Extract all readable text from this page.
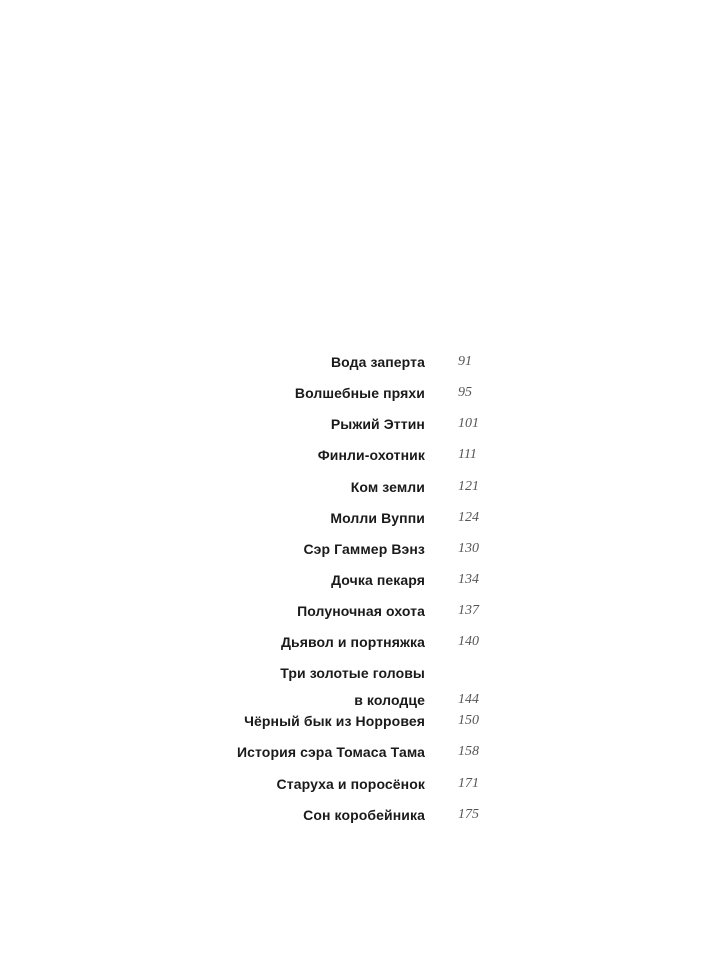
Вода заперта 91
Волшебные пряхи 95
Рыжий Эттин 101
Финли-охотник 111
Ком земли 121
Молли Вуппи 124
Сэр Гаммер Вэнз 130
Дочка пекаря 134
Полуночная охота 137
Дьявол и портняжка 140
Три золотые головы
в колодце 144
Чёрный бык из Норровея 150
История сэра Томаса Тама 158
Старуха и поросёнок 171
Сон коробейника 175
